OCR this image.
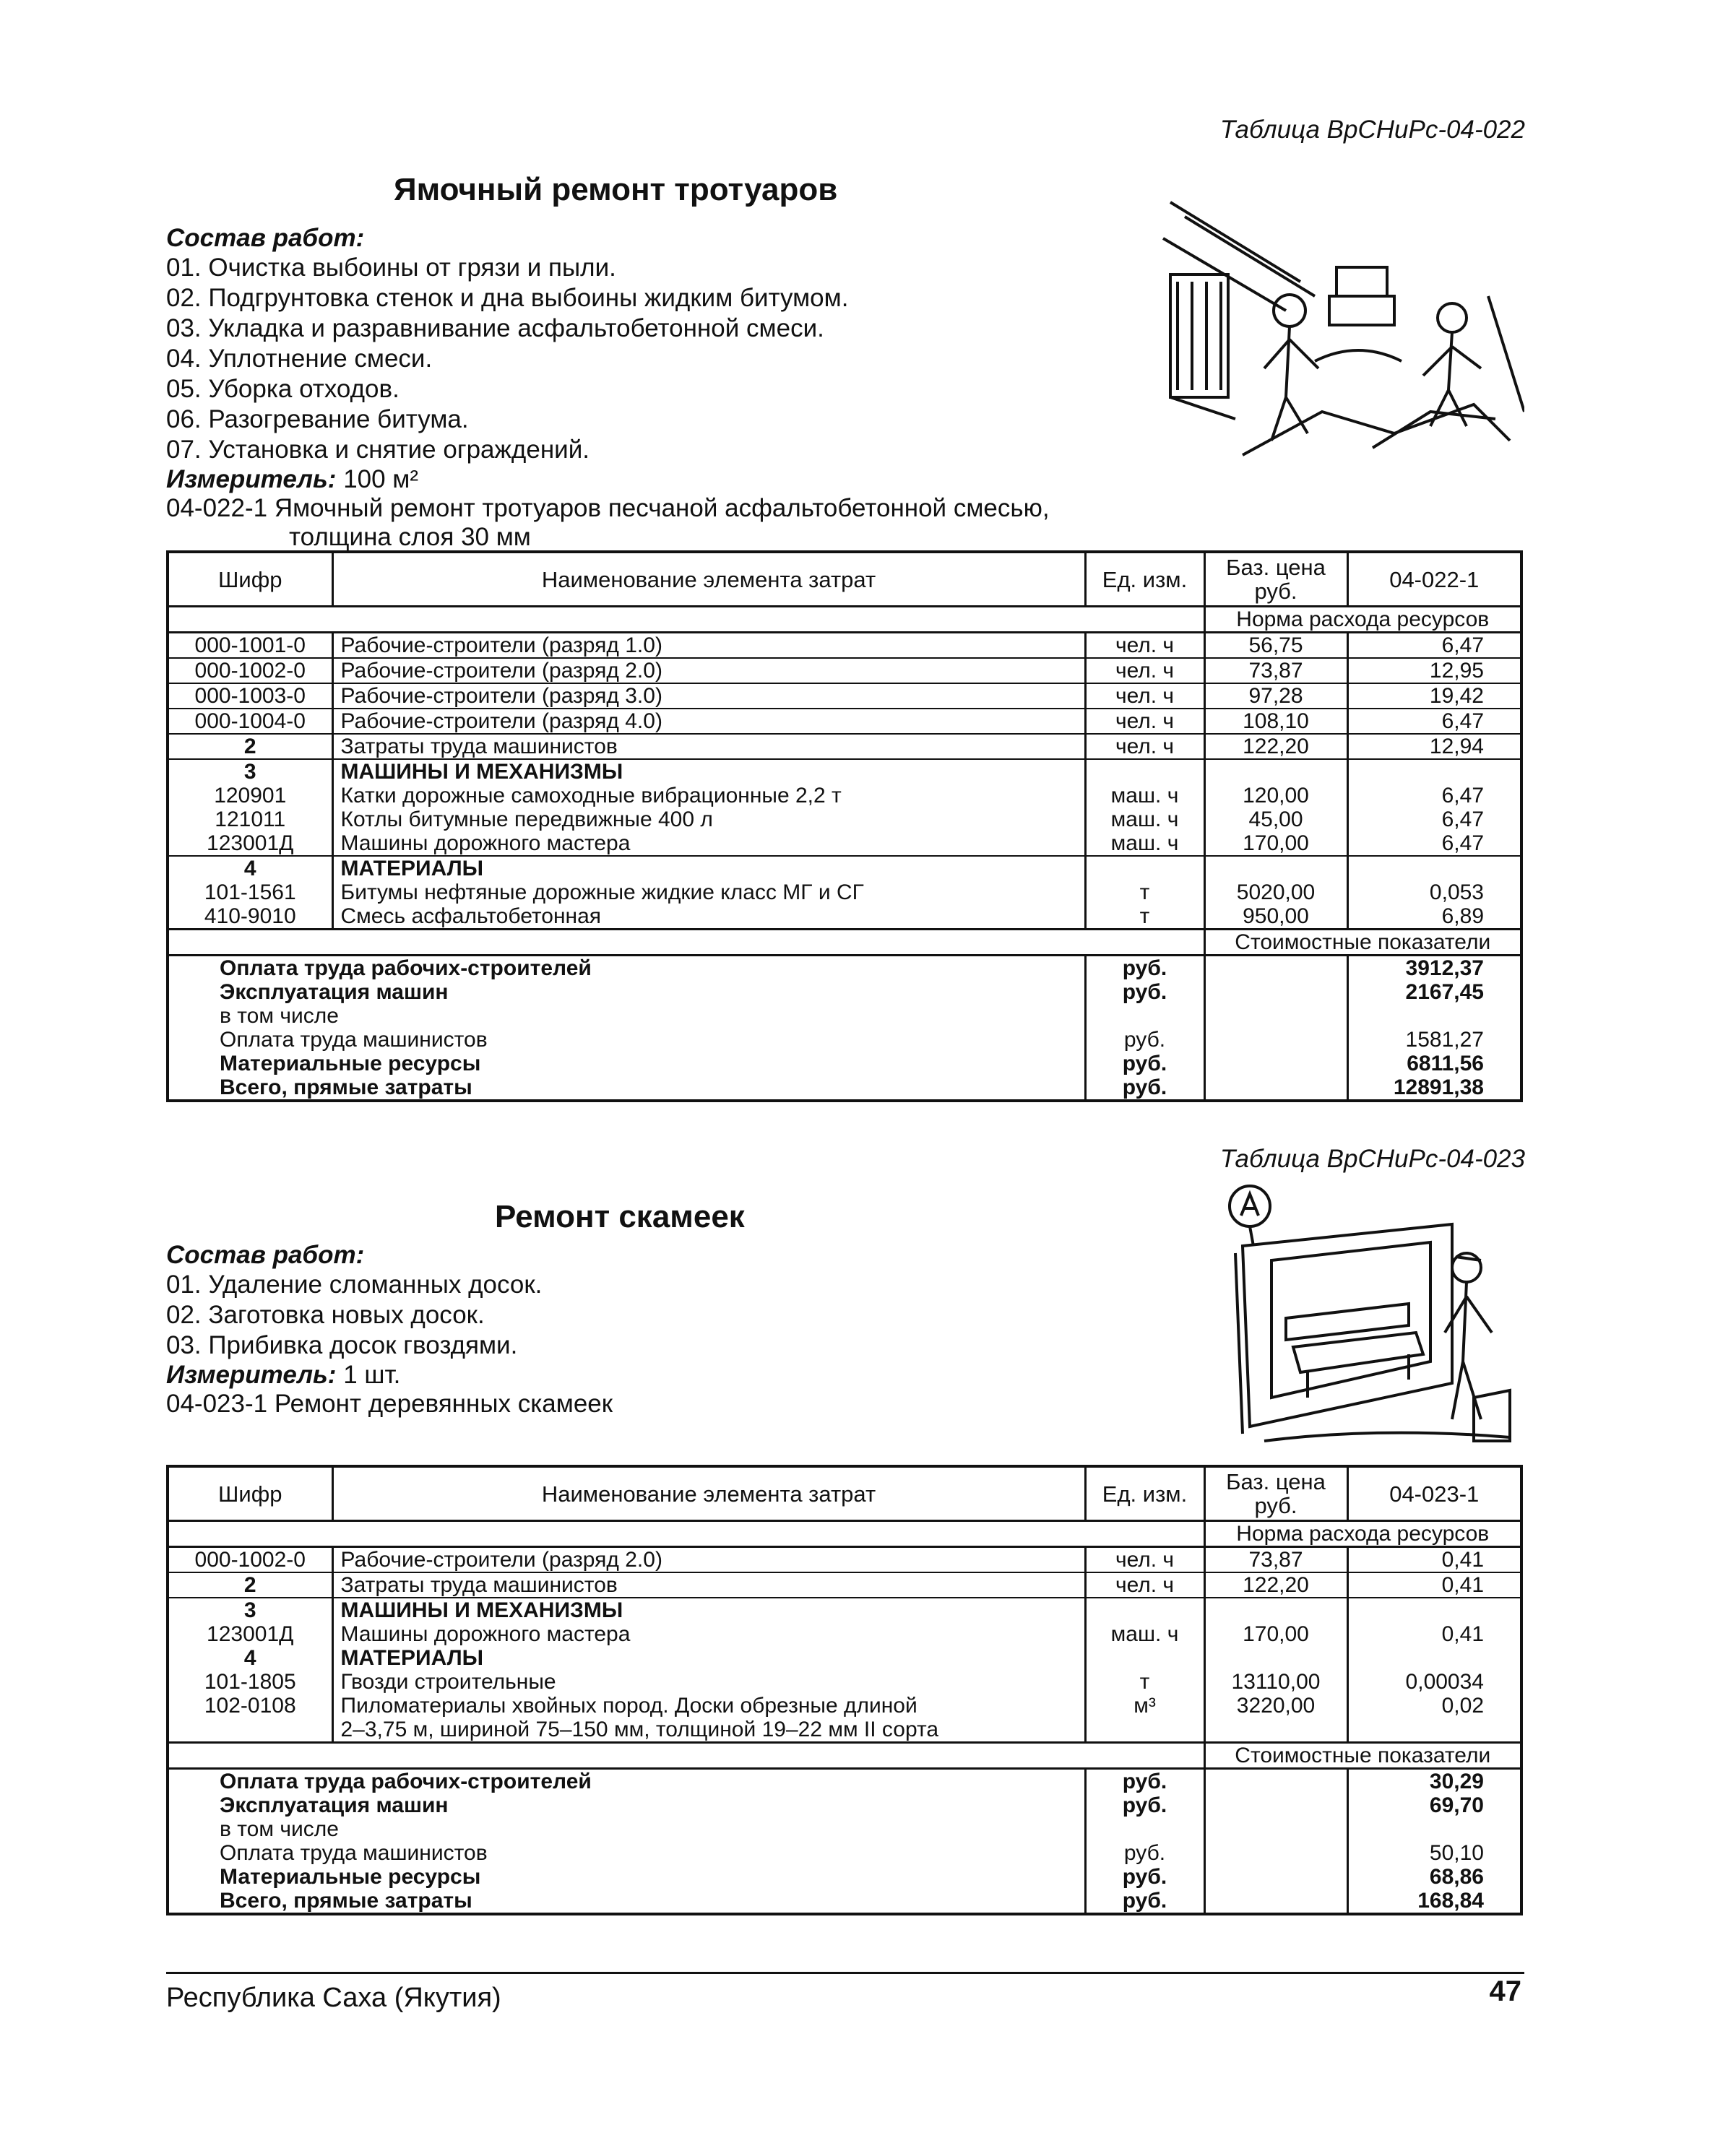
Таблица ВрСНиРс-04-022
Ямочный ремонт тротуаров
Состав работ:
01. Очистка выбоины от грязи и пыли.
02. Подгрунтовка стенок и дна выбоины жидким битумом.
03. Укладка и разравнивание асфальтобетонной смеси.
04. Уплотнение смеси.
05. Уборка отходов.
06. Разогревание битума.
07. Установка и снятие ограждений.
Измеритель: 100 м²
04-022-1 Ямочный ремонт тротуаров песчаной асфальтобетонной смесью,
толщина слоя 30 мм
Шифр	Наименование элемента затрат	Ед. изм.	Баз. цена руб.	04-022-1
			Норма расхода ресурсов	
000-1001-0	Рабочие-строители (разряд 1.0)	чел. ч	56,75	6,47
000-1002-0	Рабочие-строители (разряд 2.0)	чел. ч	73,87	12,95
000-1003-0	Рабочие-строители (разряд 3.0)	чел. ч	97,28	19,42
000-1004-0	Рабочие-строители (разряд 4.0)	чел. ч	108,10	6,47
2	Затраты труда машинистов	чел. ч	122,20	12,94
3	МАШИНЫ И МЕХАНИЗМЫ			
120901	Катки дорожные самоходные вибрационные 2,2 т	маш. ч	120,00	6,47
121011	Котлы битумные передвижные 400 л	маш. ч	45,00	6,47
123001Д	Машины дорожного мастера	маш. ч	170,00	6,47
4	МАТЕРИАЛЫ			
101-1561	Битумы нефтяные дорожные жидкие класс МГ и СГ	т	5020,00	0,053
410-9010	Смесь асфальтобетонная	т	950,00	6,89
			Стоимостные показатели	
Оплата труда рабочих-строителей		руб.		3912,37
Эксплуатация машин		руб.		2167,45
в том числе				
Оплата труда машинистов		руб.		1581,27
Материальные ресурсы		руб.		6811,56
Всего, прямые затраты		руб.		12891,38
Таблица ВрСНиРс-04-023
Ремонт скамеек
Состав работ:
01. Удаление сломанных досок.
02. Заготовка новых досок.
03. Прибивка досок гвоздями.
Измеритель: 1 шт.
04-023-1 Ремонт деревянных скамеек
Шифр	Наименование элемента затрат	Ед. изм.	Баз. цена руб.	04-023-1
			Норма расхода ресурсов	
000-1002-0	Рабочие-строители (разряд 2.0)	чел. ч	73,87	0,41
2	Затраты труда машинистов	чел. ч	122,20	0,41
3	МАШИНЫ И МЕХАНИЗМЫ			
123001Д	Машины дорожного мастера	маш. ч	170,00	0,41
4	МАТЕРИАЛЫ			
101-1805	Гвозди строительные	т	13110,00	0,00034
102-0108	Пиломатериалы хвойных пород. Доски обрезные длиной	м³	3220,00	0,02
	2–3,75 м, шириной 75–150 мм, толщиной 19–22 мм II сорта			
			Стоимостные показатели	
Оплата труда рабочих-строителей		руб.		30,29
Эксплуатация машин		руб.		69,70
в том числе				
Оплата труда машинистов		руб.		50,10
Материальные ресурсы		руб.		68,86
Всего, прямые затраты		руб.		168,84
Республика Саха (Якутия)	47
